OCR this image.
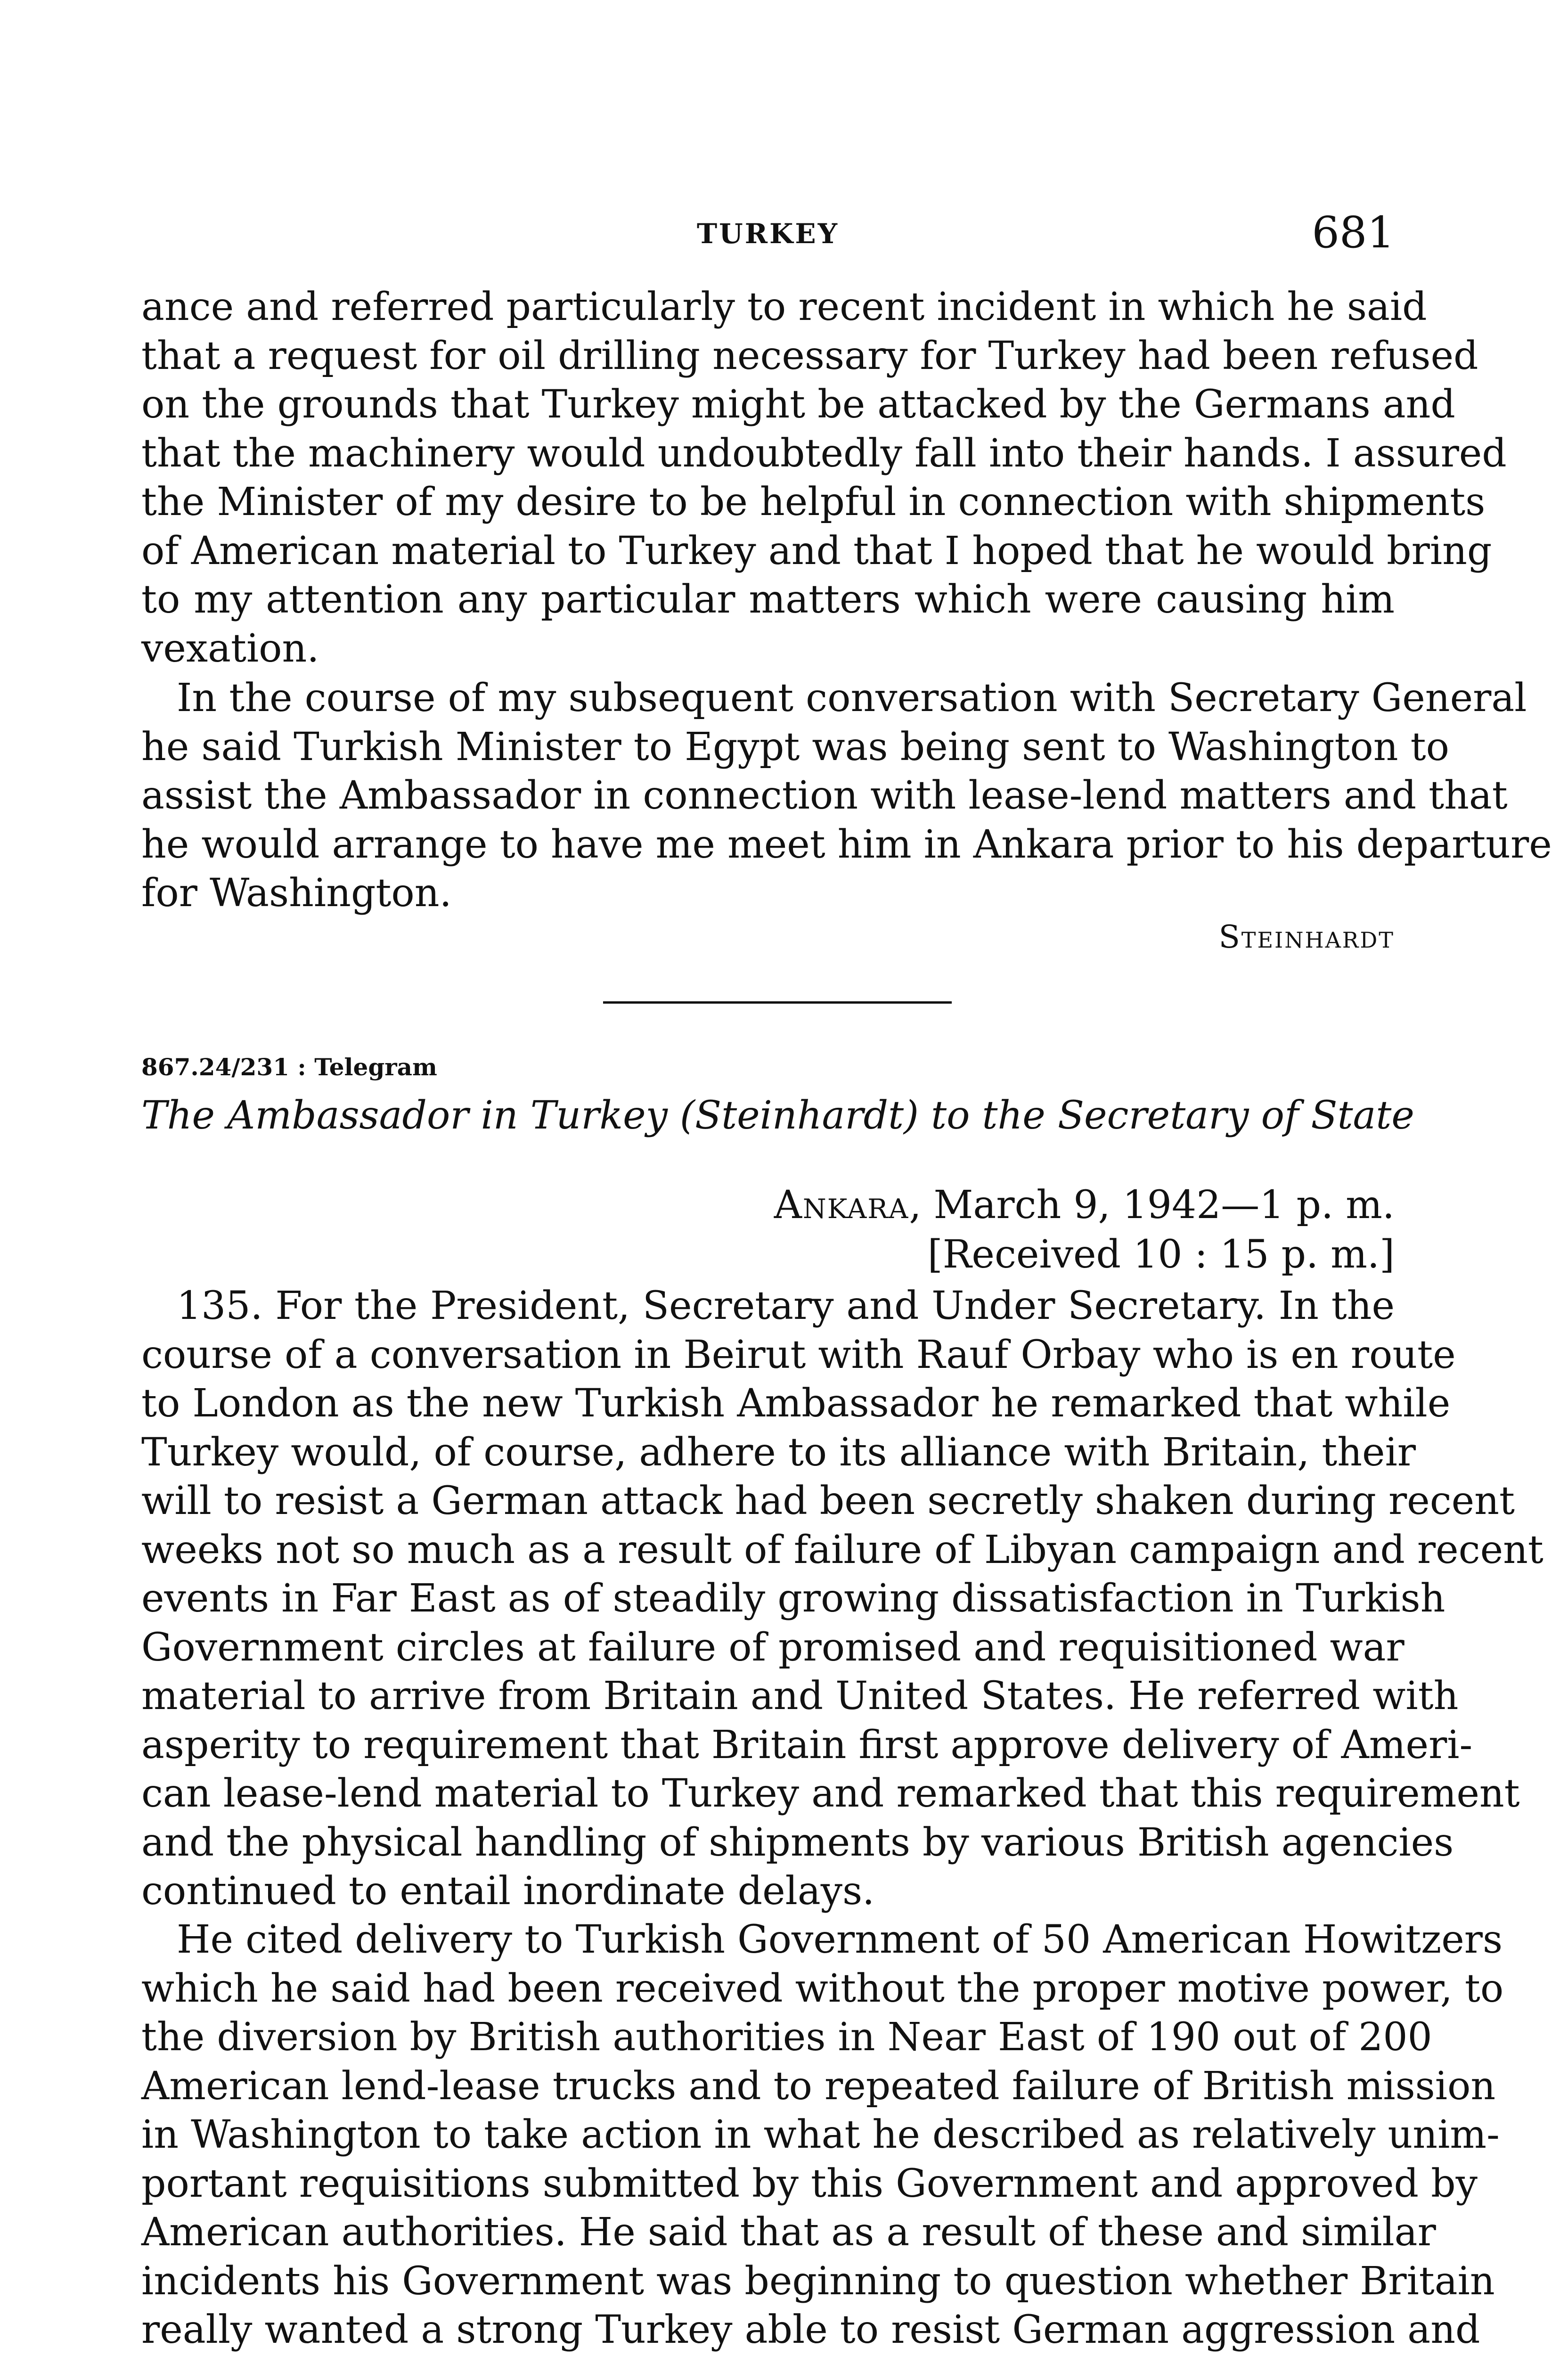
TURKEY	681
ance and referred particularly to recent incident in which he said
that a request for oil drilling necessary for Turkey had been refused
on the grounds that Turkey might be attacked by the Germans and
that the machinery would undoubtedly fall into their hands. I assured
the Minister of my desire to be helpful in connection with shipments
of American material to Turkey and that I hoped that he would bring
to my attention any particular matters which were causing him
vexation.
In the course of my subsequent conversation with Secretary General
he said Turkish Minister to Egypt was being sent to Washington to
assist the Ambassador in connection with lease-lend matters and that
he would arrange to have me meet him in Ankara prior to his departure
for Washington.
Steinhardt
867.24/231 : Telegram
The Ambassador in Turkey (Steinhardt) to the Secretary of State
Ankara, March 9, 1942—1 p. m.
[Received 10 : 15 p. m.]
135. For the President, Secretary and Under Secretary. In the
course of a conversation in Beirut with Rauf Orbay who is en route
to London as the new Turkish Ambassador he remarked that while
Turkey would, of course, adhere to its alliance with Britain, their
will to resist a German attack had been secretly shaken during recent
weeks not so much as a result of failure of Libyan campaign and recent
events in Far East as of steadily growing dissatisfaction in Turkish
Government circles at failure of promised and requisitioned war
material to arrive from Britain and United States. He referred with
asperity to requirement that Britain first approve delivery of Ameri-
can lease-lend material to Turkey and remarked that this requirement
and the physical handling of shipments by various British agencies
continued to entail inordinate delays.
He cited delivery to Turkish Government of 50 American Howitzers
which he said had been received without the proper motive power, to
the diversion by British authorities in Near East of 190 out of 200
American lend-lease trucks and to repeated failure of British mission
in Washington to take action in what he described as relatively unim-
portant requisitions submitted by this Government and approved by
American authorities. He said that as a result of these and similar
incidents his Government was beginning to question whether Britain
really wanted a strong Turkey able to resist German aggression and
